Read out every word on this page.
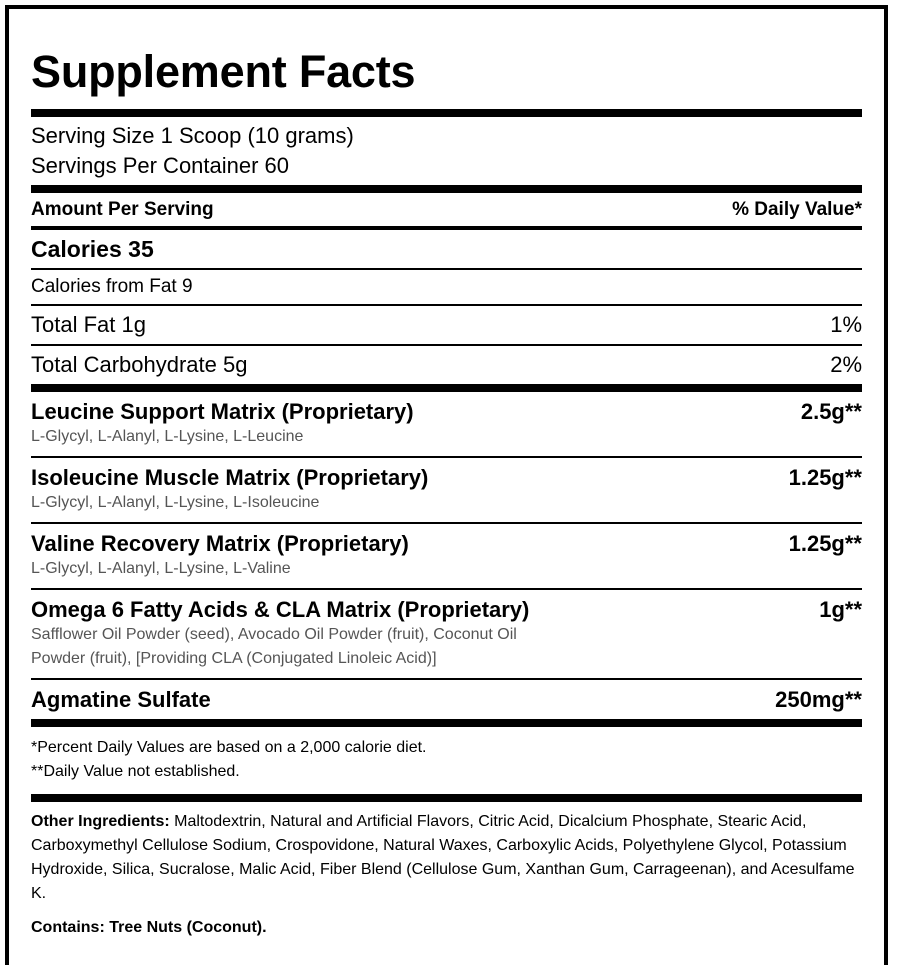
Supplement Facts
Serving Size 1 Scoop (10 grams)
Servings Per Container 60
Amount Per Serving	% Daily Value*
Calories 35
Calories from Fat 9
Total Fat 1g	1%
Total Carbohydrate 5g	2%
Leucine Support Matrix (Proprietary)	2.5g**
L-Glycyl, L-Alanyl, L-Lysine, L-Leucine
Isoleucine Muscle Matrix (Proprietary)	1.25g**
L-Glycyl, L-Alanyl, L-Lysine, L-Isoleucine
Valine Recovery Matrix (Proprietary)	1.25g**
L-Glycyl, L-Alanyl, L-Lysine, L-Valine
Omega 6 Fatty Acids & CLA Matrix (Proprietary)	1g**
Safflower Oil Powder (seed), Avocado Oil Powder (fruit), Coconut Oil Powder (fruit), [Providing CLA (Conjugated Linoleic Acid)]
Agmatine Sulfate	250mg**
*Percent Daily Values are based on a 2,000 calorie diet.
**Daily Value not established.
Other Ingredients: Maltodextrin, Natural and Artificial Flavors, Citric Acid, Dicalcium Phosphate, Stearic Acid, Carboxymethyl Cellulose Sodium, Crospovidone, Natural Waxes, Carboxylic Acids, Polyethylene Glycol, Potassium Hydroxide, Silica, Sucralose, Malic Acid, Fiber Blend (Cellulose Gum, Xanthan Gum, Carrageenan), and Acesulfame K.
Contains: Tree Nuts (Coconut).
